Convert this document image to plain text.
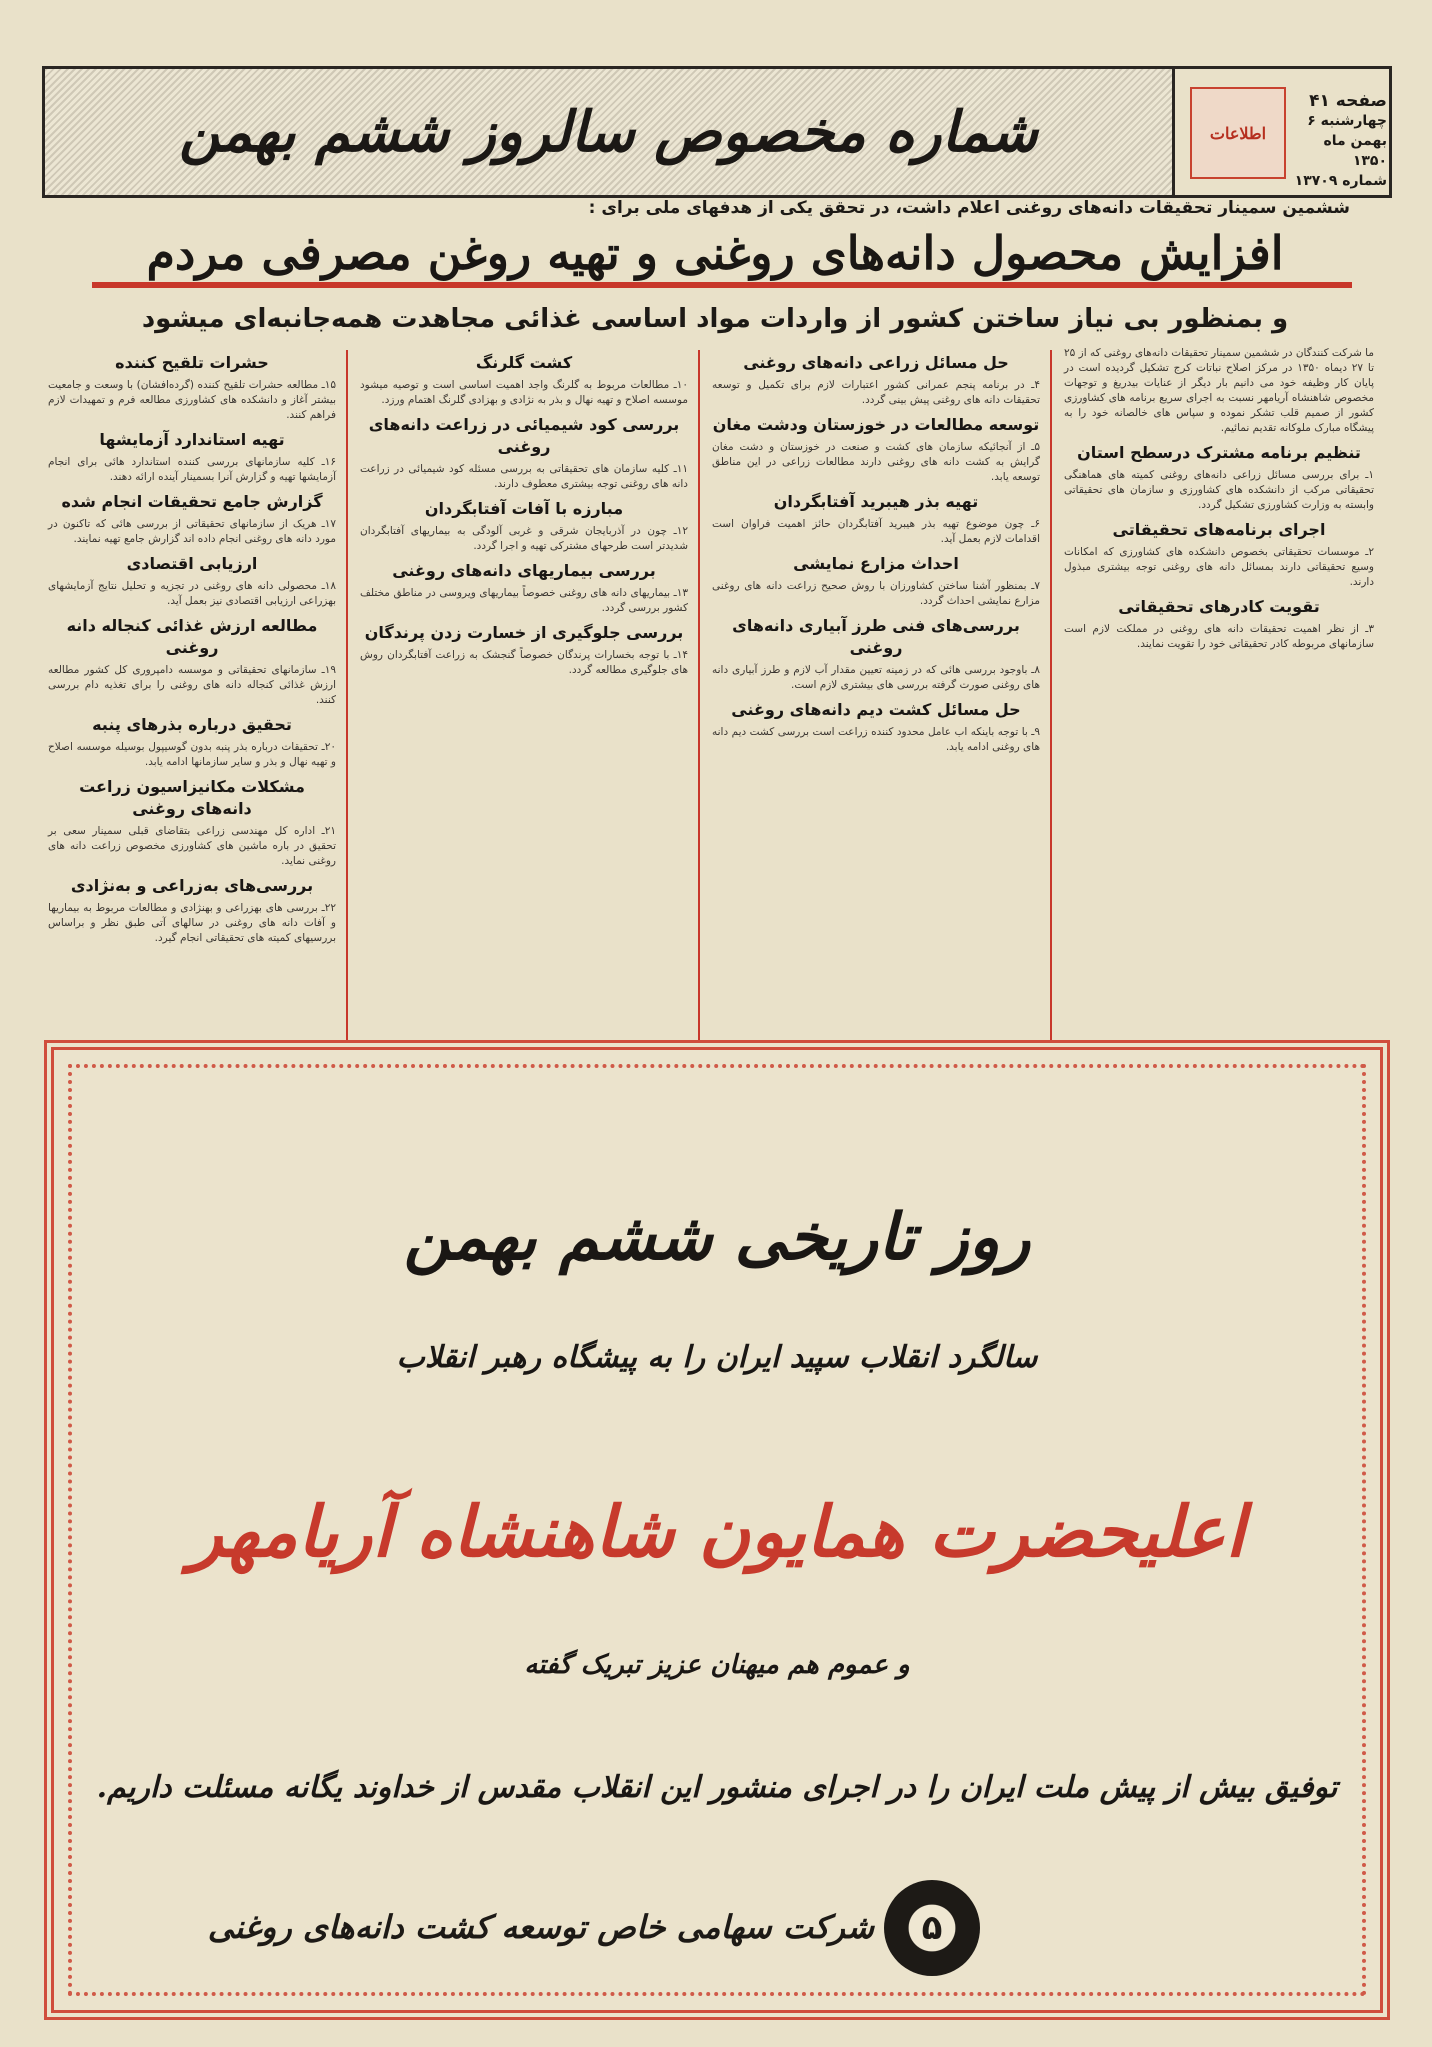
شماره مخصوص سالروز ششم بهمن	اطلاعات
صفحه ۴۱
چهارشنبه ۶ بهمن ماه ۱۳۵۰
شماره ۱۳۷۰۹
ششمین سمینار تحقیقات دانه‌های روغنی اعلام داشت، در تحقق یکی از هدفهای ملی برای :
افزایش محصول دانه‌های روغنی و تهیه روغن مصرفی مردم
و بمنظور بی نیاز ساختن کشور از واردات مواد اساسی غذائی مجاهدت همه‌جانبه‌ای میشود

ما شرکت کنندگان در ششمین سمینار تحقیقات دانه‌های روغنی که از ۲۵ تا ۲۷ دیماه ۱۳۵۰ در مرکز اصلاح نباتات کرج تشکیل گردیده است در پایان کار وظیفه خود می دانیم بار دیگر از عنایات بیدریغ و توجهات مخصوص شاهنشاه آریامهر نسبت به اجرای سریع برنامه های کشاورزی کشور از صمیم قلب تشکر نموده و سپاس های خالصانه خود را به پیشگاه مبارک ملوکانه تقدیم نمائیم.

تنظیم برنامه مشترک درسطح استان

۱ـ برای بررسی مسائل زراعی دانه‌های روغنی کمیته های هماهنگی تحقیقاتی مرکب از دانشکده های کشاورزی و سازمان های تحقیقاتی وابسته به وزارت کشاورزی تشکیل گردد.

اجرای برنامه‌های تحقیقاتی

۲ـ موسسات تحقیقاتی بخصوص دانشکده های کشاورزی که امکانات وسیع تحقیقاتی دارند بمسائل دانه های روغنی توجه بیشتری مبذول دارند.

تقویت کادرهای تحقیقاتی

۳ـ از نظر اهمیت تحقیقات دانه های روغنی در مملکت لازم است سازمانهای مربوطه کادر تحقیقاتی خود را تقویت نمایند.

حل مسائل زراعی دانه‌های روغنی

۴ـ در برنامه پنجم عمرانی کشور اعتبارات لازم برای تکمیل و توسعه تحقیقات دانه های روغنی پیش بینی گردد.

توسعه مطالعات در خوزستان ودشت مغان

۵ـ از آنجائیکه سازمان های کشت و صنعت در خوزستان و دشت مغان گرایش به کشت دانه های روغنی دارند مطالعات زراعی در این مناطق توسعه یابد.

تهیه بذر هیبرید آفتابگردان

۶ـ چون موضوع تهیه بذر هیبرید آفتابگردان حائز اهمیت فراوان است اقدامات لازم بعمل آید.

احداث مزارع نمایشی

۷ـ بمنظور آشنا ساختن کشاورزان با روش صحیح زراعت دانه های روغنی مزارع نمایشی احداث گردد.

بررسی‌های فنی طرز آبیاری دانه‌های روغنی

۸ـ باوجود بررسی هائی که در زمینه تعیین مقدار آب لازم و طرز آبیاری دانه های روغنی صورت گرفته بررسی های بیشتری لازم است.

حل مسائل کشت دیم دانه‌های روغنی

۹ـ با توجه باینکه اب عامل محدود کننده زراعت است بررسی کشت دیم دانه های روغنی ادامه یابد.

کشت گلرنگ

۱۰ـ مطالعات مربوط به گلرنگ واجد اهمیت اساسی است و توصیه میشود موسسه اصلاح و تهیه نهال و بذر به نژادی و بهزادی گلرنگ اهتمام ورزد.

بررسی کود شیمیائی در زراعت دانه‌های روغنی

۱۱ـ کلیه سازمان های تحقیقاتی به بررسی مسئله کود شیمیائی در زراعت دانه های روغنی توجه بیشتری معطوف دارند.

مبارزه با آفات آفتابگردان

۱۲ـ چون در آذربایجان شرقی و غربی آلودگی به بیماریهای آفتابگردان شدیدتر است طرحهای مشترکی تهیه و اجرا گردد.

بررسی بیماریهای دانه‌های روغنی

۱۳ـ بیماریهای دانه های روغنی خصوصاً بیماریهای ویروسی در مناطق مختلف کشور بررسی گردد.

بررسی جلوگیری از خسارت زدن پرندگان

۱۴ـ با توجه بخسارات پرندگان خصوصاً گنجشک به زراعت آفتابگردان روش های جلوگیری مطالعه گردد.

حشرات تلقیح کننده

۱۵ـ مطالعه حشرات تلقیح کننده (گرده‌افشان) با وسعت و جامعیت بیشتر آغاز و دانشکده های کشاورزی مطالعه فرم و تمهیدات لازم فراهم کنند.

تهیه استاندارد آزمایشها

۱۶ـ کلیه سازمانهای بررسی کننده استاندارد هائی برای انجام آزمایشها تهیه و گزارش آنرا بسمینار آینده ارائه دهند.

گزارش جامع تحقیقات انجام شده

۱۷ـ هریک از سازمانهای تحقیقاتی از بررسی هائی که تاکنون در مورد دانه های روغنی انجام داده اند گزارش جامع تهیه نمایند.

ارزیابی اقتصادی

۱۸ـ محصولی دانه های روغنی در تجزیه و تحلیل نتایج آزمایشهای بهزراعی ارزیابی اقتصادی نیز بعمل آید.

مطالعه ارزش غذائی کنجاله دانه روغنی

۱۹ـ سازمانهای تحقیقاتی و موسسه دامپروری کل کشور مطالعه ارزش غذائی کنجاله دانه های روغنی را برای تغذیه دام بررسی کنند.

تحقیق درباره بذرهای پنبه

۲۰ـ تحقیقات درباره بذر پنبه بدون گوسیپول بوسیله موسسه اصلاح و تهیه نهال و بذر و سایر سازمانها ادامه یابد.

مشکلات مکانیزاسیون زراعت دانه‌های روغنی

۲۱ـ اداره کل مهندسی زراعی بتقاضای قبلی سمینار سعی بر تحقیق در باره ماشین های کشاورزی مخصوص زراعت دانه های روغنی نماید.

بررسی‌های به‌زراعی و به‌نژادی

۲۲ـ بررسی های بهزراعی و بهنژادی و مطالعات مربوط به بیماریها و آفات دانه های روغنی در سالهای آتی طبق نظر و براساس بررسیهای کمیته های تحقیقاتی انجام گیرد.

روز تاریخی ششم بهمن
سالگرد انقلاب سپید ایران را به پیشگاه رهبر انقلاب
اعلیحضرت همایون شاهنشاه آریامهر
و عموم هم میهنان عزیز تبریک گفته
توفیق بیش از پیش ملت ایران را در اجرای منشور این انقلاب مقدس از خداوند یگانه مسئلت داریم.
شرکت سهامی خاص توسعه کشت دانه‌های روغنی ۵
